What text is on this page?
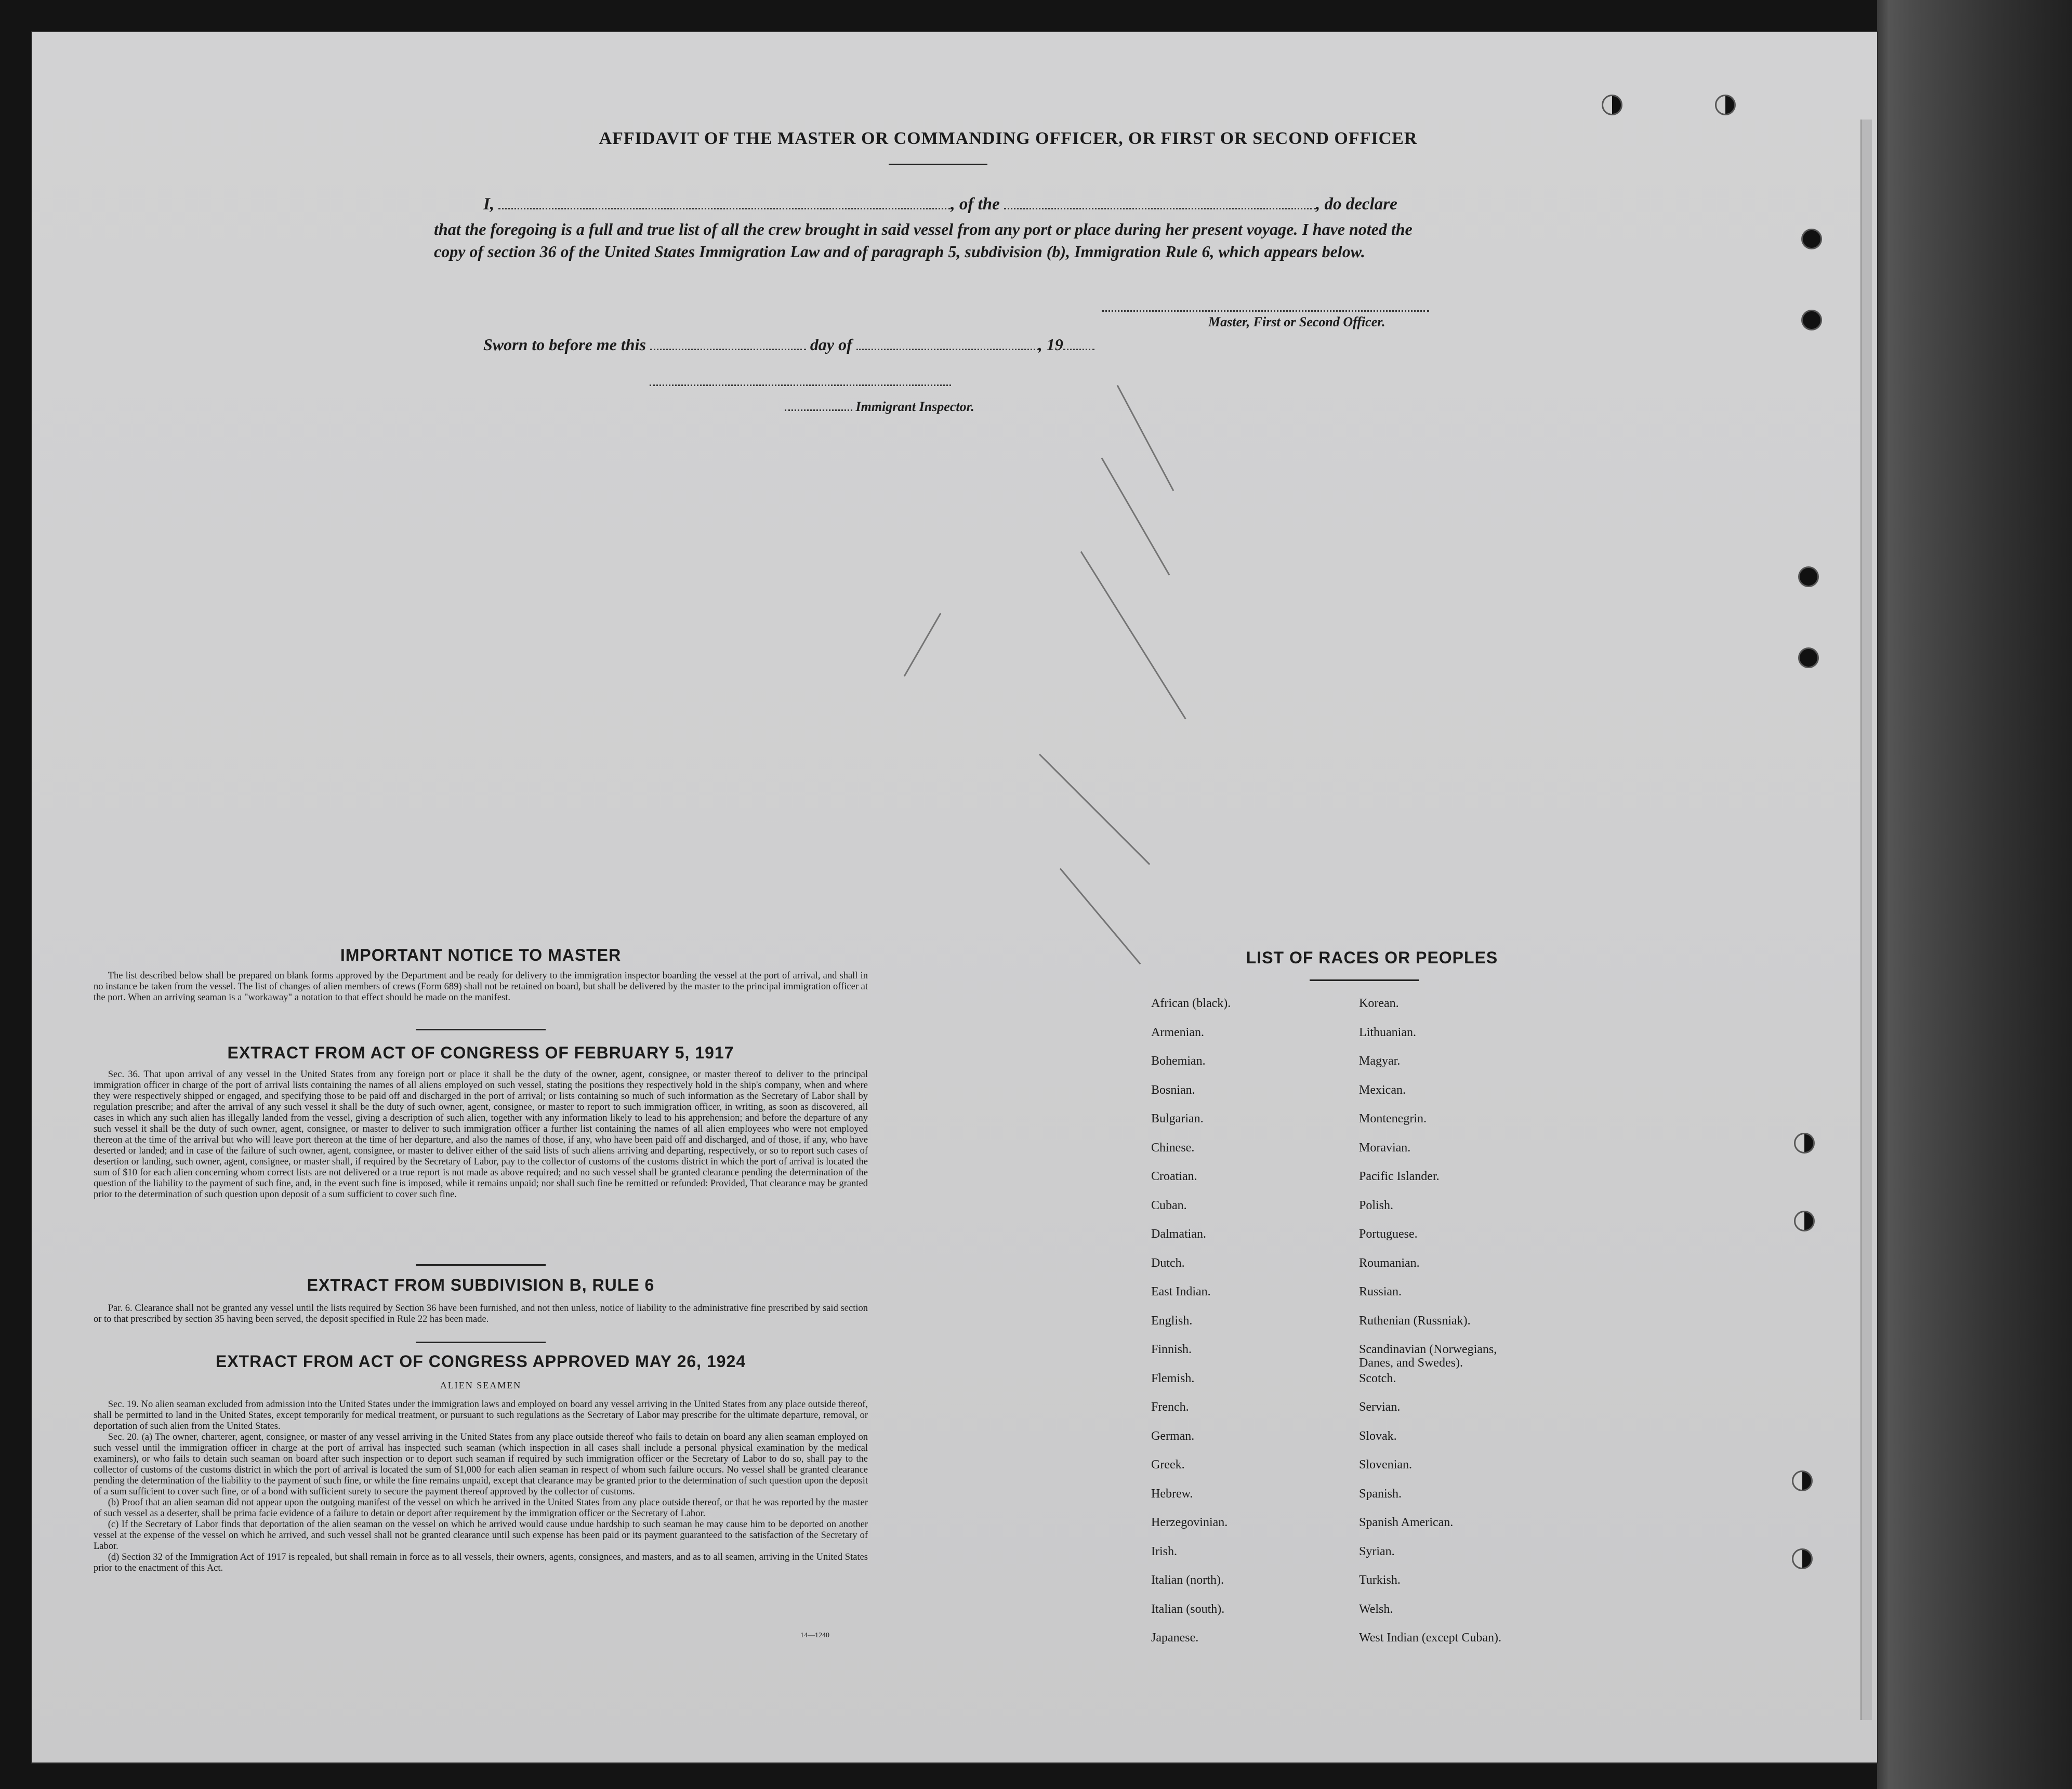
AFFIDAVIT OF THE MASTER OR COMMANDING OFFICER, OR FIRST OR SECOND OFFICER
I,	, of the	, do declare
that the foregoing is a full and true list of all the crew brought in said vessel from any port or place during her present voyage. I have noted the copy of section 36 of the United States Immigration Law and of paragraph 5, subdivision (b), Immigration Rule 6, which appears below.
Master, First or Second Officer.
Sworn to before me this	day of	, 19
Immigrant Inspector.
IMPORTANT NOTICE TO MASTER

The list described below shall be prepared on blank forms approved by the Department and be ready for delivery to the immigration inspector boarding the vessel at the port of arrival, and shall in no instance be taken from the vessel. The list of changes of alien members of crews (Form 689) shall not be retained on board, but shall be delivered by the master to the principal immigration officer at the port. When an arriving seaman is a "workaway" a notation to that effect should be made on the manifest.

EXTRACT FROM ACT OF CONGRESS OF FEBRUARY 5, 1917

Sec. 36. That upon arrival of any vessel in the United States from any foreign port or place it shall be the duty of the owner, agent, consignee, or master thereof to deliver to the principal immigration officer in charge of the port of arrival lists containing the names of all aliens employed on such vessel, stating the positions they respectively hold in the ship's company, when and where they were respectively shipped or engaged, and specifying those to be paid off and discharged in the port of arrival; or lists containing so much of such information as the Secretary of Labor shall by regulation prescribe; and after the arrival of any such vessel it shall be the duty of such owner, agent, consignee, or master to report to such immigration officer, in writing, as soon as discovered, all cases in which any such alien has illegally landed from the vessel, giving a description of such alien, together with any information likely to lead to his apprehension; and before the departure of any such vessel it shall be the duty of such owner, agent, consignee, or master to deliver to such immigration officer a further list containing the names of all alien employees who were not employed thereon at the time of the arrival but who will leave port thereon at the time of her departure, and also the names of those, if any, who have been paid off and discharged, and of those, if any, who have deserted or landed; and in case of the failure of such owner, agent, consignee, or master to deliver either of the said lists of such aliens arriving and departing, respectively, or so to report such cases of desertion or landing, such owner, agent, consignee, or master shall, if required by the Secretary of Labor, pay to the collector of customs of the customs district in which the port of arrival is located the sum of $10 for each alien concerning whom correct lists are not delivered or a true report is not made as above required; and no such vessel shall be granted clearance pending the determination of the question of the liability to the payment of such fine, and, in the event such fine is imposed, while it remains unpaid; nor shall such fine be remitted or refunded: Provided, That clearance may be granted prior to the determination of such question upon deposit of a sum sufficient to cover such fine.

EXTRACT FROM SUBDIVISION B, RULE 6

Par. 6. Clearance shall not be granted any vessel until the lists required by Section 36 have been furnished, and not then unless, notice of liability to the administrative fine prescribed by said section or to that prescribed by section 35 having been served, the deposit specified in Rule 22 has been made.

EXTRACT FROM ACT OF CONGRESS APPROVED MAY 26, 1924
ALIEN SEAMEN

Sec. 19. No alien seaman excluded from admission into the United States under the immigration laws and employed on board any vessel arriving in the United States from any place outside thereof, shall be permitted to land in the United States, except temporarily for medical treatment, or pursuant to such regulations as the Secretary of Labor may prescribe for the ultimate departure, removal, or deportation of such alien from the United States.

Sec. 20. (a) The owner, charterer, agent, consignee, or master of any vessel arriving in the United States from any place outside thereof who fails to detain on board any alien seaman employed on such vessel until the immigration officer in charge at the port of arrival has inspected such seaman (which inspection in all cases shall include a personal physical examination by the medical examiners), or who fails to detain such seaman on board after such inspection or to deport such seaman if required by such immigration officer or the Secretary of Labor to do so, shall pay to the collector of customs of the customs district in which the port of arrival is located the sum of $1,000 for each alien seaman in respect of whom such failure occurs. No vessel shall be granted clearance pending the determination of the liability to the payment of such fine, or while the fine remains unpaid, except that clearance may be granted prior to the determination of such question upon the deposit of a sum sufficient to cover such fine, or of a bond with sufficient surety to secure the payment thereof approved by the collector of customs.

(b) Proof that an alien seaman did not appear upon the outgoing manifest of the vessel on which he arrived in the United States from any place outside thereof, or that he was reported by the master of such vessel as a deserter, shall be prima facie evidence of a failure to detain or deport after requirement by the immigration officer or the Secretary of Labor.

(c) If the Secretary of Labor finds that deportation of the alien seaman on the vessel on which he arrived would cause undue hardship to such seaman he may cause him to be deported on another vessel at the expense of the vessel on which he arrived, and such vessel shall not be granted clearance until such expense has been paid or its payment guaranteed to the satisfaction of the Secretary of Labor.

(d) Section 32 of the Immigration Act of 1917 is repealed, but shall remain in force as to all vessels, their owners, agents, consignees, and masters, and as to all seamen, arriving in the United States prior to the enactment of this Act.

14—1240
LIST OF RACES OR PEOPLES
African (black).
Armenian.
Bohemian.
Bosnian.
Bulgarian.
Chinese.
Croatian.
Cuban.
Dalmatian.
Dutch.
East Indian.
English.
Finnish.
Flemish.
French.
German.
Greek.
Hebrew.
Herzegovinian.
Irish.
Italian (north).
Italian (south).
Japanese.
Korean.
Lithuanian.
Magyar.
Mexican.
Montenegrin.
Moravian.
Pacific Islander.
Polish.
Portuguese.
Roumanian.
Russian.
Ruthenian (Russniak).
Scandinavian (Norwegians, Danes, and Swedes).
Scotch.
Servian.
Slovak.
Slovenian.
Spanish.
Spanish American.
Syrian.
Turkish.
Welsh.
West Indian (except Cuban).
